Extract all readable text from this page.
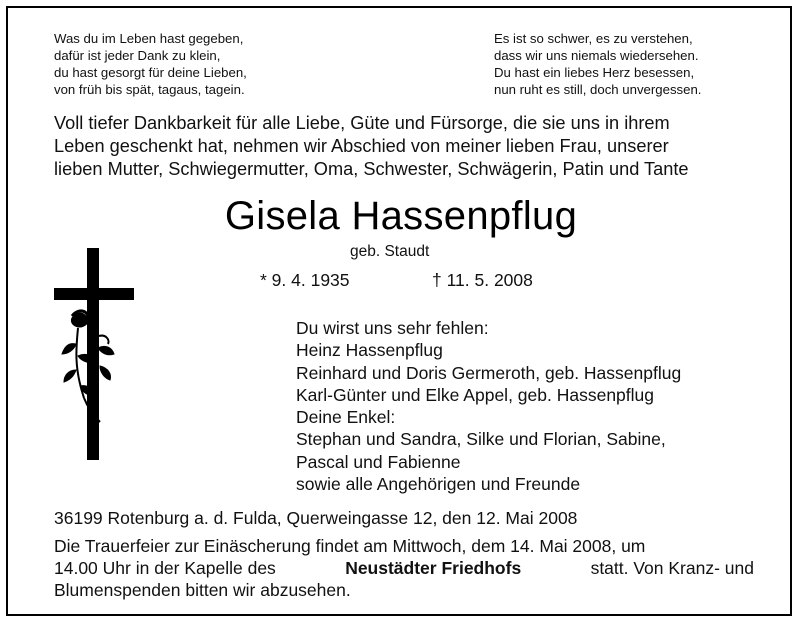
Was du im Leben hast gegeben,
dafür ist jeder Dank zu klein,
du hast gesorgt für deine Lieben,
von früh bis spät, tagaus, tagein.
Es ist so schwer, es zu verstehen,
dass wir uns niemals wiedersehen.
Du hast ein liebes Herz besessen,
nun ruht es still, doch unvergessen.
Voll tiefer Dankbarkeit für alle Liebe, Güte und Fürsorge, die sie uns in ihrem
Leben geschenkt hat, nehmen wir Abschied von meiner lieben Frau, unserer
lieben Mutter, Schwiegermutter, Oma, Schwester, Schwägerin, Patin und Tante
Gisela Hassenpflug
geb. Staudt
* 9. 4. 1935	† 11. 5. 2008
Du wirst uns sehr fehlen:
Heinz Hassenpflug
Reinhard und Doris Germeroth, geb. Hassenpflug
Karl-Günter und Elke Appel, geb. Hassenpflug
Deine Enkel:
Stephan und Sandra, Silke und Florian, Sabine,
Pascal und Fabienne
sowie alle Angehörigen und Freunde
36199 Rotenburg a. d. Fulda, Querweingasse 12, den 12. Mai 2008
Die Trauerfeier zur Einäscherung findet am Mittwoch, dem 14. Mai 2008, um
14.00 Uhr in der Kapelle des	Neustädter Friedhofs	statt. Von Kranz- und
Blumenspenden bitten wir abzusehen.
